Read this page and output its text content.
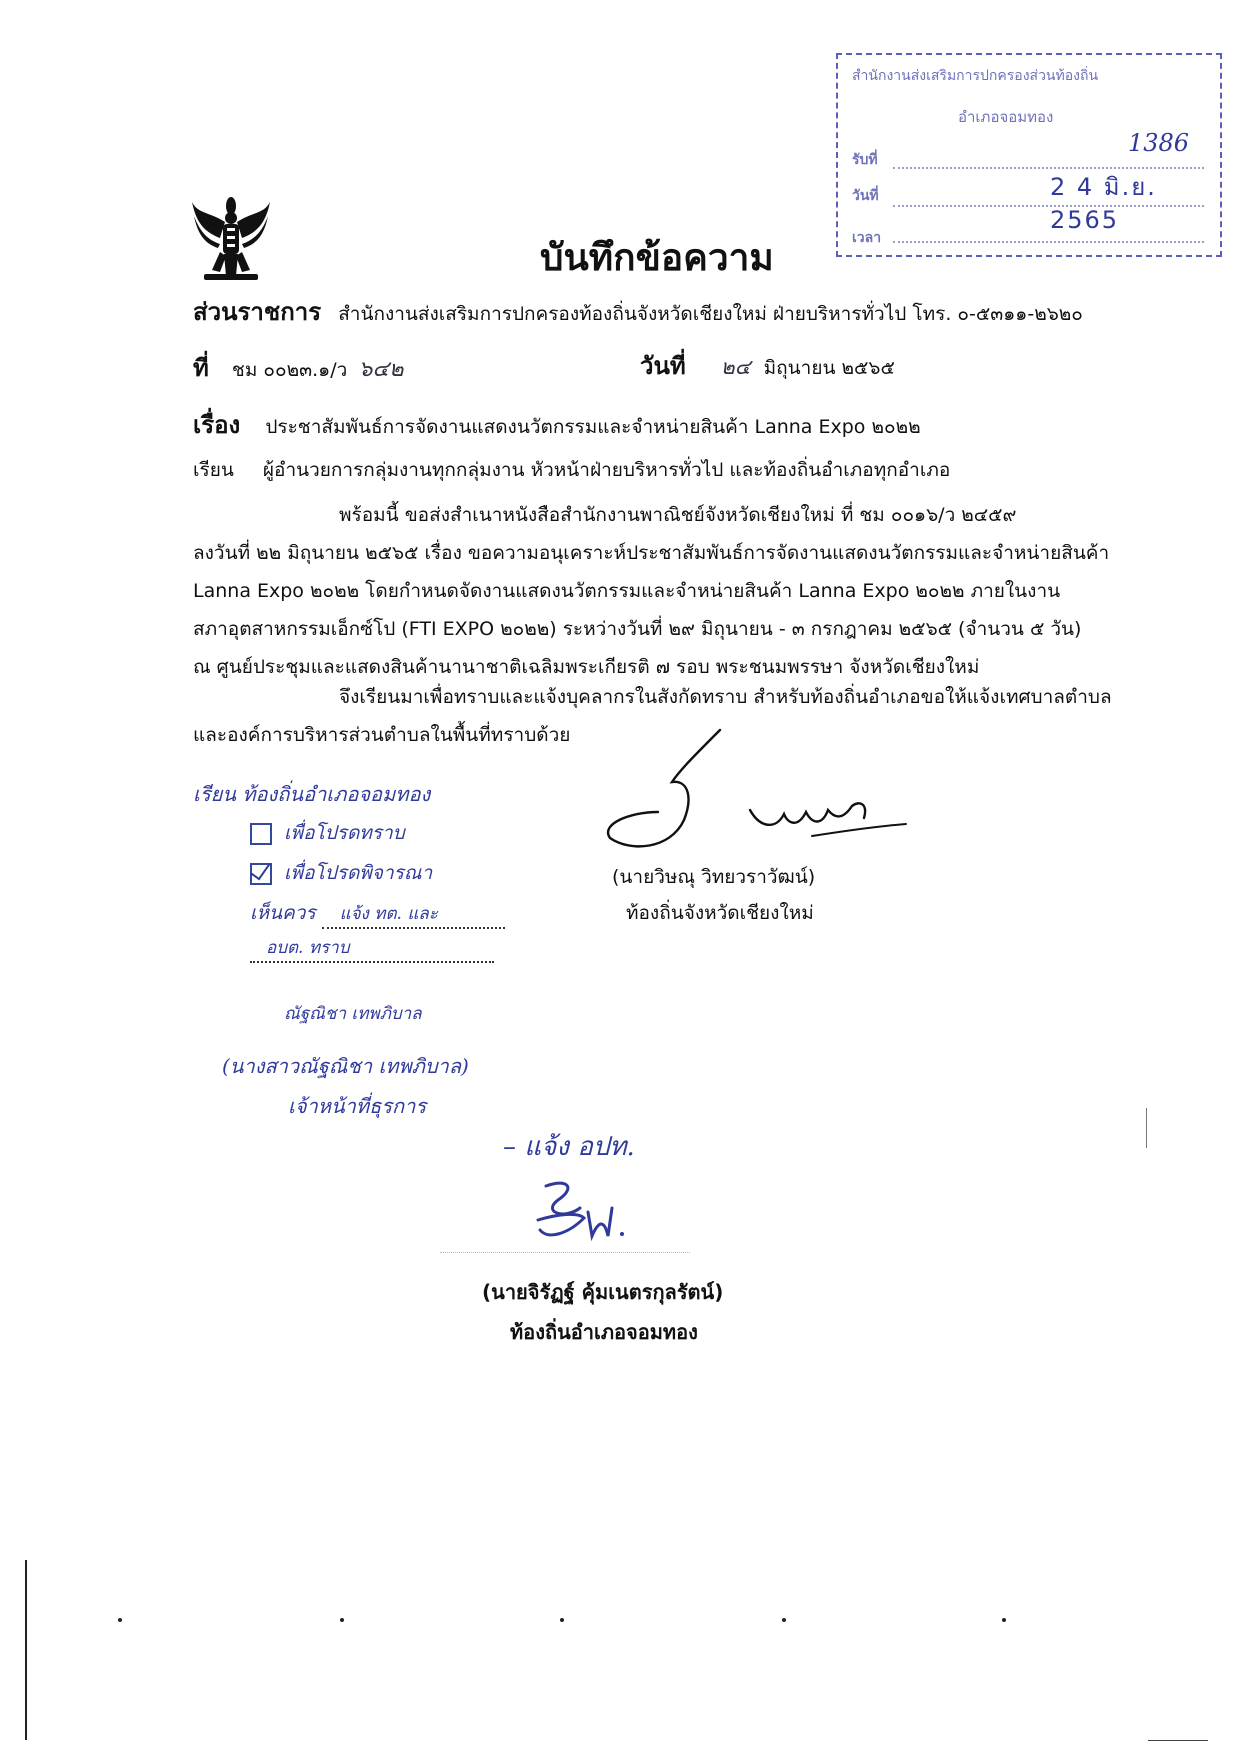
สำนักงานส่งเสริมการปกครองส่วนท้องถิ่น
อำเภอจอมทอง
รับที่
1386
วันที่	2 4 มิ.ย. 2565
เวลา
บันทึกข้อความ
ส่วนราชการ สำนักงานส่งเสริมการปกครองท้องถิ่นจังหวัดเชียงใหม่ ฝ่ายบริหารทั่วไป โทร. ๐-๕๓๑๑-๒๖๒๐
ที่ ชม ๐๐๒๓.๑/ว ๖๔๒	วันที่ ๒๔ มิถุนายน ๒๕๖๕
เรื่อง ประชาสัมพันธ์การจัดงานแสดงนวัตกรรมและจำหน่ายสินค้า Lanna Expo ๒๐๒๒
เรียน ผู้อำนวยการกลุ่มงานทุกกลุ่มงาน หัวหน้าฝ่ายบริหารทั่วไป และท้องถิ่นอำเภอทุกอำเภอ
พร้อมนี้ ขอส่งสำเนาหนังสือสำนักงานพาณิชย์จังหวัดเชียงใหม่ ที่ ชม ๐๐๑๖/ว ๒๔๕๙
ลงวันที่ ๒๒ มิถุนายน ๒๕๖๕ เรื่อง ขอความอนุเคราะห์ประชาสัมพันธ์การจัดงานแสดงนวัตกรรมและจำหน่ายสินค้า
Lanna Expo ๒๐๒๒ โดยกำหนดจัดงานแสดงนวัตกรรมและจำหน่ายสินค้า Lanna Expo ๒๐๒๒ ภายในงาน
สภาอุตสาหกรรมเอ็กซ์โป (FTI EXPO ๒๐๒๒) ระหว่างวันที่ ๒๙ มิถุนายน - ๓ กรกฎาคม ๒๕๖๕ (จำนวน ๕ วัน)
ณ ศูนย์ประชุมและแสดงสินค้านานาชาติเฉลิมพระเกียรติ ๗ รอบ พระชนมพรรษา จังหวัดเชียงใหม่
จึงเรียนมาเพื่อทราบและแจ้งบุคลากรในสังกัดทราบ สำหรับท้องถิ่นอำเภอขอให้แจ้งเทศบาลตำบล
และองค์การบริหารส่วนตำบลในพื้นที่ทราบด้วย
(นายวิษณุ วิทยวราวัฒน์)
ท้องถิ่นจังหวัดเชียงใหม่
เรียน ท้องถิ่นอำเภอจอมทอง
เพื่อโปรดทราบ
เพื่อโปรดพิจารณา
เห็นควร แจ้ง ทต. และ
อบต. ทราบ
ณัฐณิชา เทพภิบาล
(นางสาวณัฐณิชา เทพภิบาล)
เจ้าหน้าที่ธุรการ
– แจ้ง อปท.
(นายจิรัฏฐ์ คุ้มเนตรกุลรัตน์)
ท้องถิ่นอำเภอจอมทอง
